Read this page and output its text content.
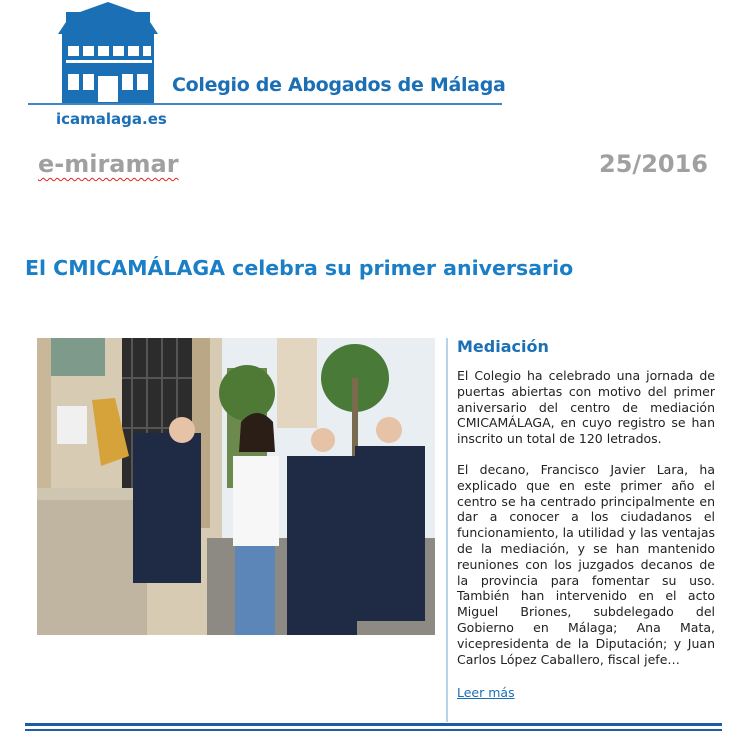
Colegio de Abogados de Málaga
icamalaga.es
e-miramar	25/2016
El CMICAMÁLAGA celebra su primer aniversario
Mediación

El Colegio ha celebrado una jornada de puertas abiertas con motivo del primer aniversario del centro de mediación CMICAMÁLAGA, en cuyo registro se han inscrito un total de 120 letrados.

El decano, Francisco Javier Lara, ha explicado que en este primer año el centro se ha centrado principalmente en dar a conocer a los ciudadanos el funcionamiento, la utilidad y las ventajas de la mediación, y se han mantenido reuniones con los juzgados decanos de la provincia para fomentar su uso. También han intervenido en el acto Miguel Briones, subdelegado del Gobierno en Málaga; Ana Mata, vicepresidenta de la Diputación; y Juan Carlos López Caballero, fiscal jefe…

Leer más
